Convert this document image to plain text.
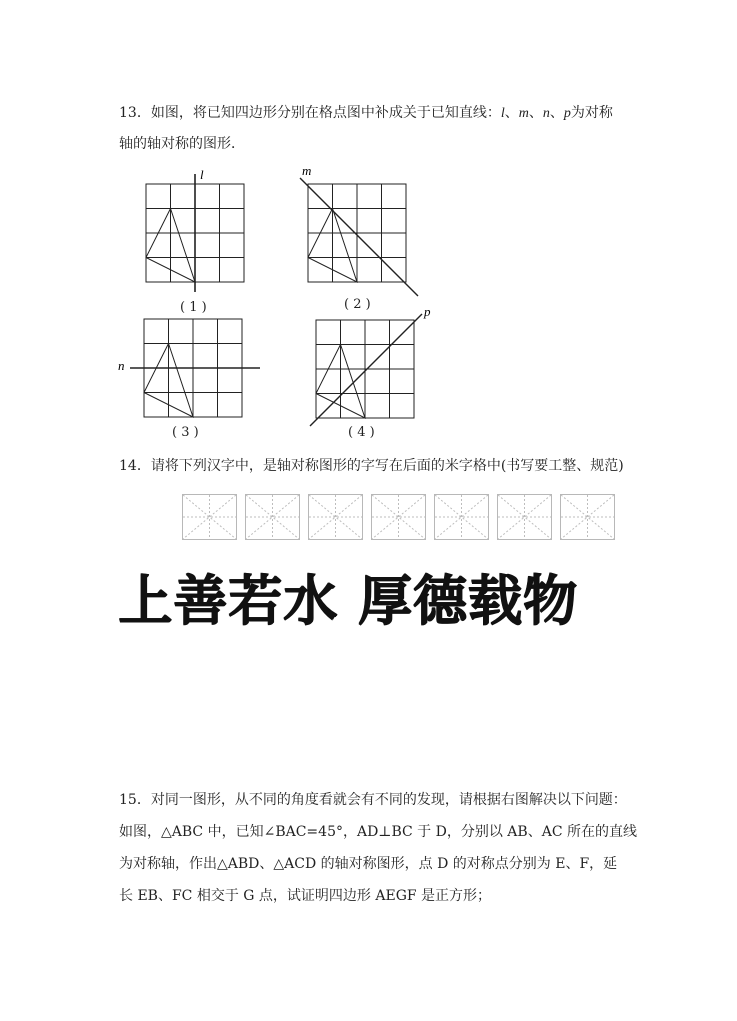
13．如图，将已知四边形分别在格点图中补成关于已知直线：l、m、n、p为对称
轴的轴对称的图形．
l
( 1 )
m
( 2 )
n
( 3 )
p
( 4 )
14．请将下列汉字中，是轴对称图形的字写在后面的米字格中(书写要工整、规范)
上善若水 厚德载物
15．对同一图形，从不同的角度看就会有不同的发现，请根据右图解决以下问题：
如图，△ABC 中，已知∠BAC=45°，AD⊥BC 于 D，分别以 AB、AC 所在的直线
为对称轴，作出△ABD、△ACD 的轴对称图形，点 D 的对称点分别为 E、F，延
长 EB、FC 相交于 G 点，试证明四边形 AEGF 是正方形；
